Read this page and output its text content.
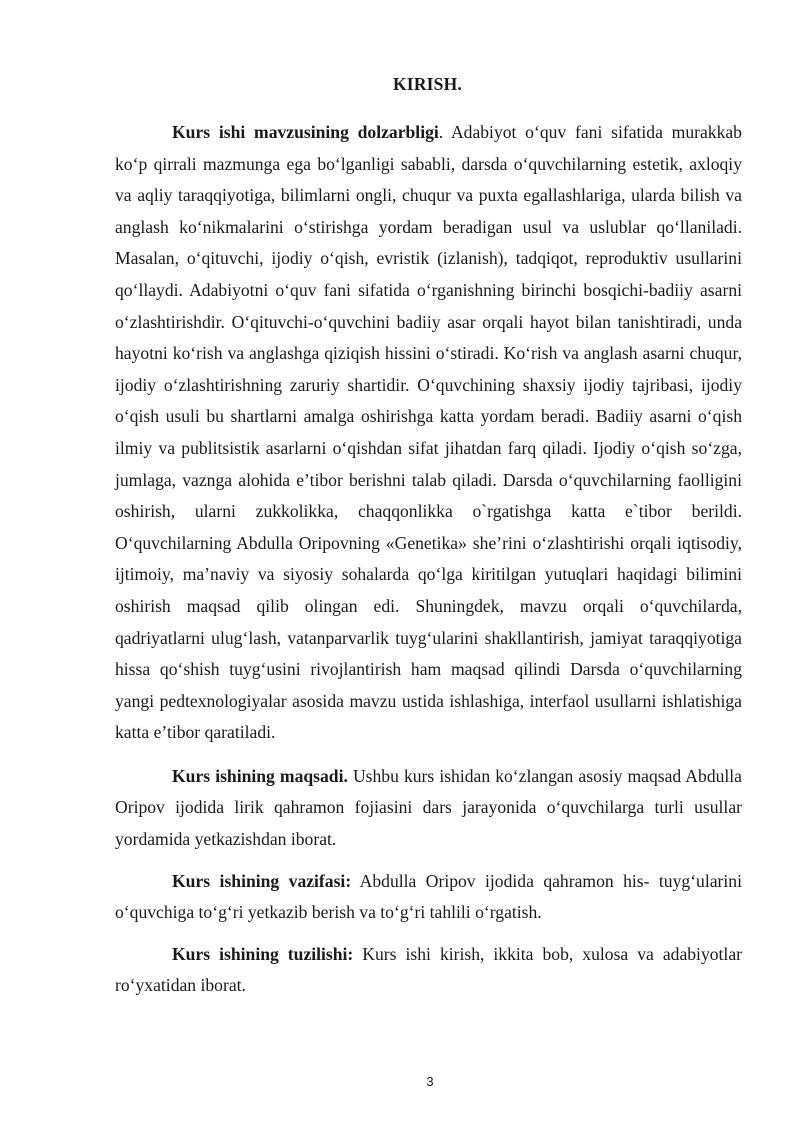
KIRISH.

Kurs ishi mavzusining dolzarbligi. Adabiyot o‘quv fani sifatida murakkab ko‘p qirrali mazmunga ega bo‘lganligi sababli, darsda o‘quvchilarning estetik, axloqiy va aqliy taraqqiyotiga, bilimlarni ongli, chuqur va puxta egallashlariga, ularda bilish va anglash ko‘nikmalarini o‘stirishga yordam beradigan usul va uslublar qo‘llaniladi. Masalan, o‘qituvchi, ijodiy o‘qish, evristik (izlanish), tadqiqot, reproduktiv usullarini qo‘llaydi. Adabiyotni o‘quv fani sifatida o‘rganishning birinchi bosqichi-badiiy asarni o‘zlashtirishdir. O‘qituvchi-o‘quvchini badiiy asar orqali hayot bilan tanishtiradi, unda hayotni ko‘rish va anglashga qiziqish hissini o‘stiradi. Ko‘rish va anglash asarni chuqur, ijodiy o‘zlashtirishning zaruriy shartidir. O‘quvchining shaxsiy ijodiy tajribasi, ijodiy o‘qish usuli bu shartlarni amalga oshirishga katta yordam beradi. Badiiy asarni o‘qish ilmiy va publitsistik asarlarni o‘qishdan sifat jihatdan farq qiladi. Ijodiy o‘qish so‘zga, jumlaga, vaznga alohida e’tibor berishni talab qiladi. Darsda o‘quvchilarning faolligini oshirish, ularni zukkolikka, chaqqonlikka o`rgatishga katta e`tibor berildi. O‘quvchilarning Abdulla Oripovning «Genetika» she’rini o‘zlashtirishi orqali iqtisodiy, ijtimoiy, ma’naviy va siyosiy sohalarda qo‘lga kiritilgan yutuqlari haqidagi bilimini oshirish maqsad qilib olingan edi. Shuningdek, mavzu orqali o‘quvchilarda, qadriyatlarni ulug‘lash, vatanparvarlik tuyg‘ularini shakllantirish, jamiyat taraqqiyotiga hissa qo‘shish tuyg‘usini rivojlantirish ham maqsad qilindi Darsda o‘quvchilarning yangi pedtexnologiyalar asosida mavzu ustida ishlashiga, interfaol usullarni ishlatishiga katta e’tibor qaratiladi.

Kurs ishining maqsadi. Ushbu kurs ishidan ko‘zlangan asosiy maqsad Abdulla Oripov ijodida lirik qahramon fojiasini dars jarayonida o‘quvchilarga turli usullar yordamida yetkazishdan iborat.

Kurs ishining vazifasi: Abdulla Oripov ijodida qahramon his- tuyg‘ularini o‘quvchiga to‘g‘ri yetkazib berish va to‘g‘ri tahlili o‘rgatish.

Kurs ishining tuzilishi: Kurs ishi kirish, ikkita bob, xulosa va adabiyotlar ro‘yxatidan iborat.

3
